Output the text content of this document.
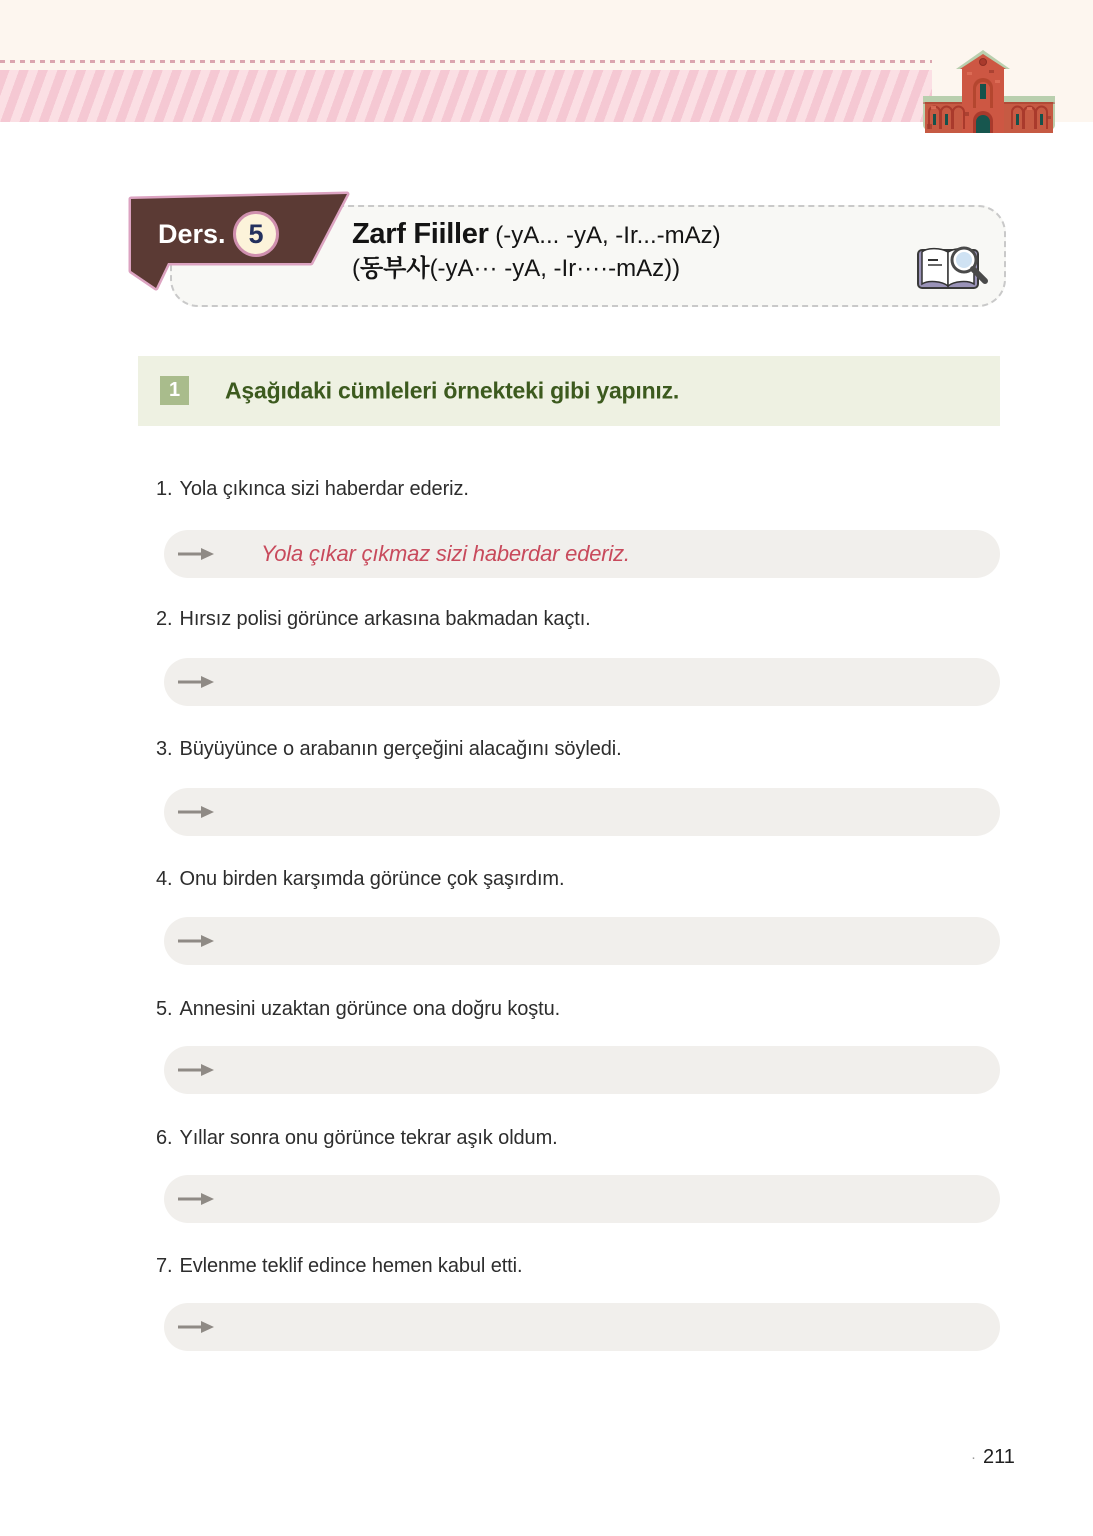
Ders. 5	Zarf Fiiller (-yA... -yA, -Ir...-mAz)
(동부사(-yA··· -yA, -Ir····-mAz))
1 Aşağıdaki cümleleri örnekteki gibi yapınız.
1. Yola çıkınca sizi haberdar ederiz.
Yola çıkar çıkmaz sizi haberdar ederiz.
2. Hırsız polisi görünce arkasına bakmadan kaçtı.
3. Büyüyünce o arabanın gerçeğini alacağını söyledi.
4. Onu birden karşımda görünce çok şaşırdım.
5. Annesini uzaktan görünce ona doğru koştu.
6. Yıllar sonra onu görünce tekrar aşık oldum.
7. Evlenme teklif edince hemen kabul etti.
· 211
